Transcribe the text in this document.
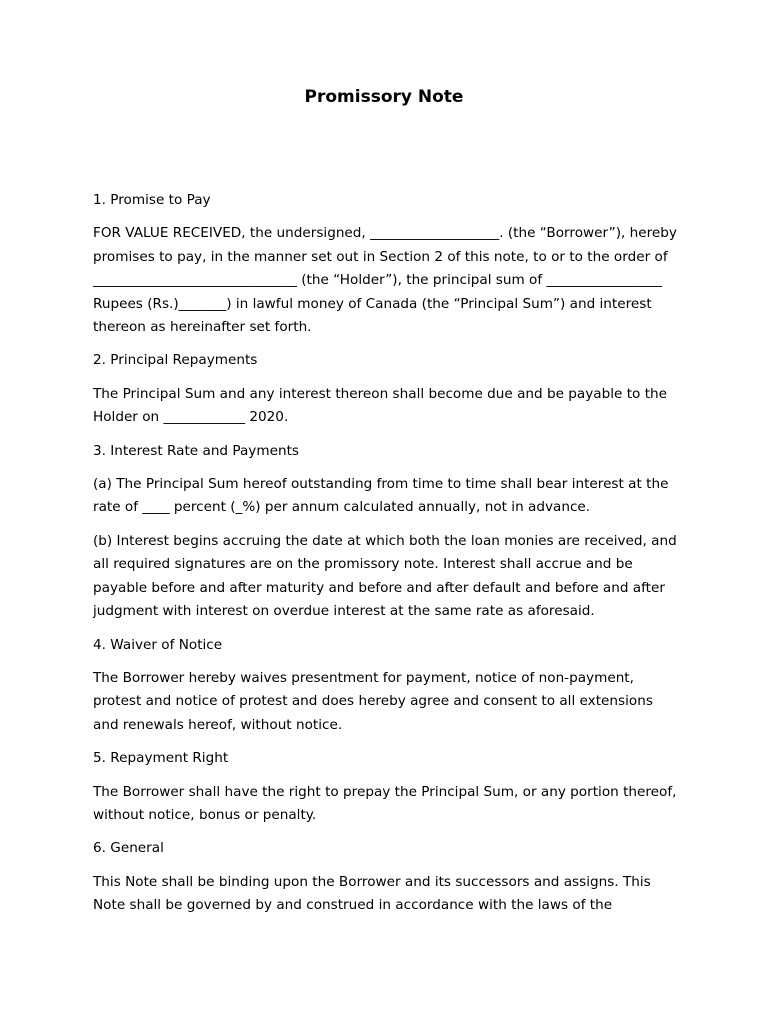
Promissory Note

1. Promise to Pay

FOR VALUE RECEIVED, the undersigned, ___________________. (the “Borrower”), hereby promises to pay, in the manner set out in Section 2 of this note, to or to the order of ______________________________ (the “Holder”), the principal sum of _________________ Rupees (Rs.)_______) in lawful money of Canada (the “Principal Sum”) and interest thereon as hereinafter set forth.

2. Principal Repayments

The Principal Sum and any interest thereon shall become due and be payable to the Holder on ____________ 2020.

3. Interest Rate and Payments

(a) The Principal Sum hereof outstanding from time to time shall bear interest at the rate of ____ percent (_%) per annum calculated annually, not in advance.

(b) Interest begins accruing the date at which both the loan monies are received, and all required signatures are on the promissory note. Interest shall accrue and be payable before and after maturity and before and after default and before and after judgment with interest on overdue interest at the same rate as aforesaid.

4. Waiver of Notice

The Borrower hereby waives presentment for payment, notice of non-payment, protest and notice of protest and does hereby agree and consent to all extensions and renewals hereof, without notice.

5. Repayment Right

The Borrower shall have the right to prepay the Principal Sum, or any portion thereof, without notice, bonus or penalty.

6. General

This Note shall be binding upon the Borrower and its successors and assigns. This Note shall be governed by and construed in accordance with the laws of the
